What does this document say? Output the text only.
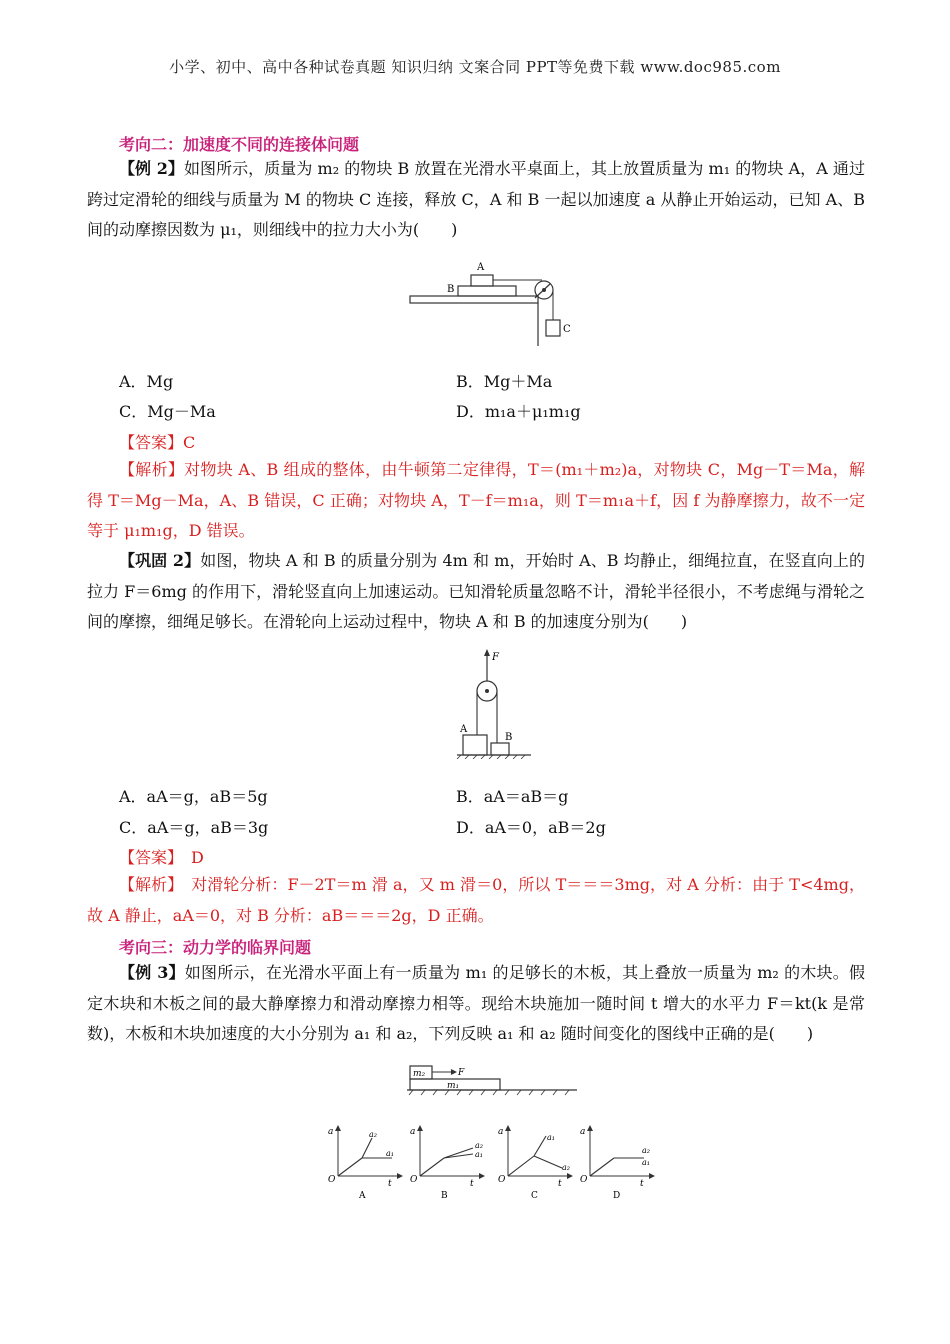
小学、初中、高中各种试卷真题 知识归纳 文案合同 PPT等免费下载 www.doc985.com
考向二：加速度不同的连接体问题
【例 2】如图所示，质量为 m₂ 的物块 B 放置在光滑水平桌面上，其上放置质量为 m₁ 的物块 A，A 通过跨过定滑轮的细线与质量为 M 的物块 C 连接，释放 C，A 和 B 一起以加速度 a 从静止开始运动，已知 A、B 间的动摩擦因数为 μ₁，则细线中的拉力大小为(　　)
A
B
C
A．Mg	B．Mg＋Ma
C．Mg－Ma	D．m₁a＋μ₁m₁g
【答案】C
【解析】对物块 A、B 组成的整体，由牛顿第二定律得，T＝(m₁＋m₂)a，对物块 C，Mg－T＝Ma，解得 T＝Mg－Ma，A、B 错误，C 正确；对物块 A，T－f＝m₁a，则 T＝m₁a＋f，因 f 为静摩擦力，故不一定等于 μ₁m₁g，D 错误。
【巩固 2】如图，物块 A 和 B 的质量分别为 4m 和 m，开始时 A、B 均静止，细绳拉直，在竖直向上的拉力 F＝6mg 的作用下，滑轮竖直向上加速运动。已知滑轮质量忽略不计，滑轮半径很小，不考虑绳与滑轮之间的摩擦，细绳足够长。在滑轮向上运动过程中，物块 A 和 B 的加速度分别为(　　)
F
A
B
A．aA＝g，aB＝5g	B．aA＝aB＝g
C．aA＝g，aB＝3g	D．aA＝0，aB＝2g
【答案】　D
【解析】　对滑轮分析：F－2T＝m 滑 a，又 m 滑＝0，所以 T＝＝＝3mg，对 A 分析：由于 T<4mg，故 A 静止，aA＝0，对 B 分析：aB＝＝＝2g，D 正确。
考向三：动力学的临界问题
【例 3】如图所示，在光滑水平面上有一质量为 m₁ 的足够长的木板，其上叠放一质量为 m₂ 的木块。假定木块和木板之间的最大静摩擦力和滑动摩擦力相等。现给木块施加一随时间 t 增大的水平力 F＝kt(k 是常数)，木板和木块加速度的大小分别为 a₁ 和 a₂，下列反映 a₁ 和 a₂ 随时间变化的图线中正确的是(　　)
m₂	F
m₁
a
t
O
a₂
a₁
A
a
t
O
a₂
a₁
B
a
t
O
a₁
a₂
C
a
t
O
a₂
a₁
D
